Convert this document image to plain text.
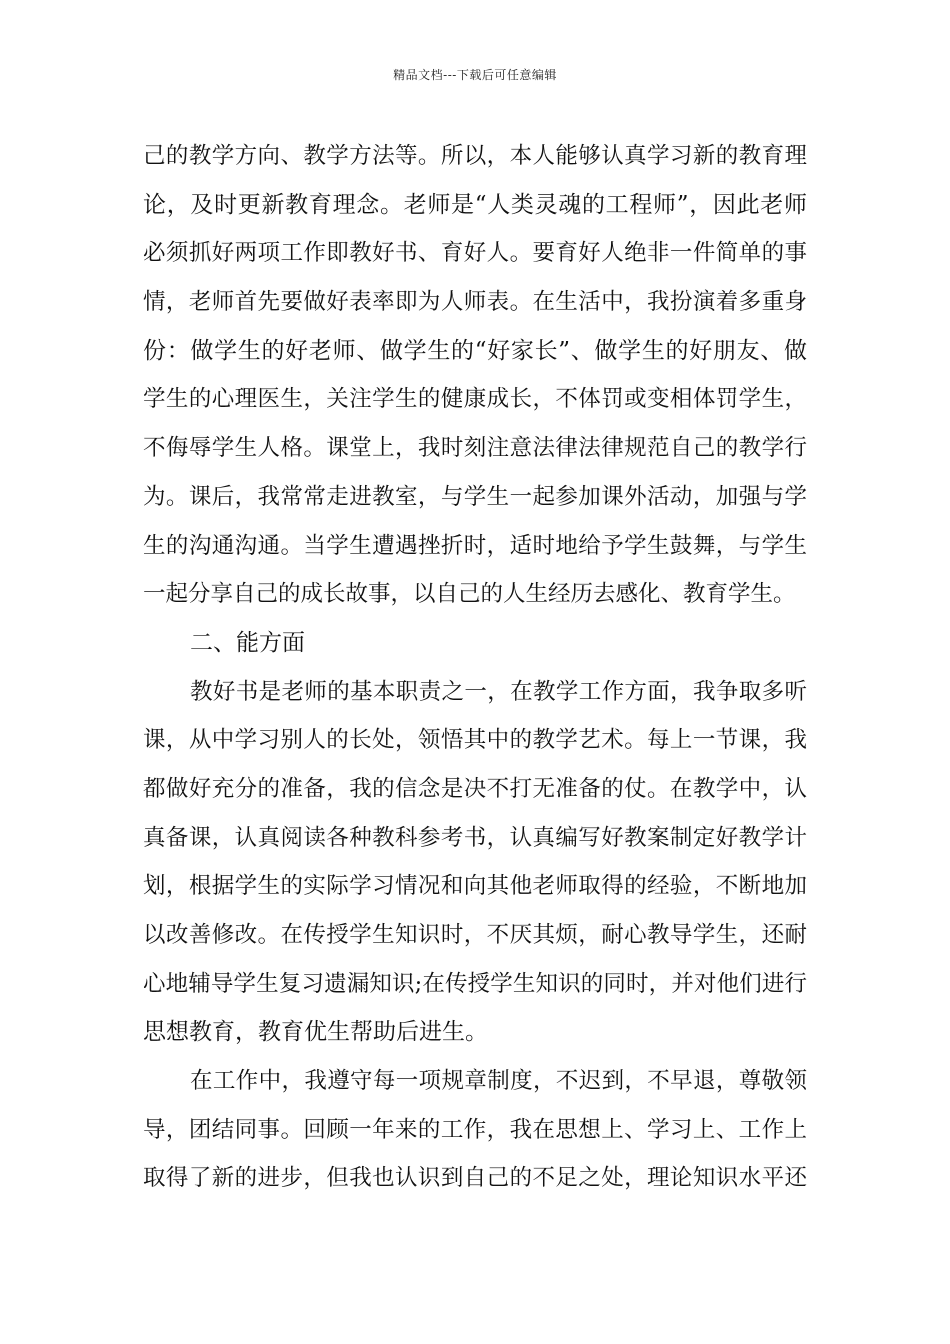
精品文档---下载后可任意编辑
己的教学方向、教学方法等。所以，本人能够认真学习新的教育理
论，及时更新教育理念。老师是“人类灵魂的工程师”，因此老师
必须抓好两项工作即教好书、育好人。要育好人绝非一件简单的事
情，老师首先要做好表率即为人师表。在生活中，我扮演着多重身
份：做学生的好老师、做学生的“好家长”、做学生的好朋友、做
学生的心理医生，关注学生的健康成长，不体罚或变相体罚学生，
不侮辱学生人格。课堂上，我时刻注意法律法律规范自己的教学行
为。课后，我常常走进教室，与学生一起参加课外活动，加强与学
生的沟通沟通。当学生遭遇挫折时，适时地给予学生鼓舞，与学生
一起分享自己的成长故事，以自己的人生经历去感化、教育学生。
二、能方面
教好书是老师的基本职责之一，在教学工作方面，我争取多听
课，从中学习别人的长处，领悟其中的教学艺术。每上一节课，我
都做好充分的准备，我的信念是决不打无准备的仗。在教学中，认
真备课，认真阅读各种教科参考书，认真编写好教案制定好教学计
划，根据学生的实际学习情况和向其他老师取得的经验，不断地加
以改善修改。在传授学生知识时，不厌其烦，耐心教导学生，还耐
心地辅导学生复习遗漏知识;在传授学生知识的同时，并对他们进行
思想教育，教育优生帮助后进生。
在工作中，我遵守每一项规章制度，不迟到，不早退，尊敬领
导，团结同事。回顾一年来的工作，我在思想上、学习上、工作上
取得了新的进步，但我也认识到自己的不足之处，理论知识水平还
